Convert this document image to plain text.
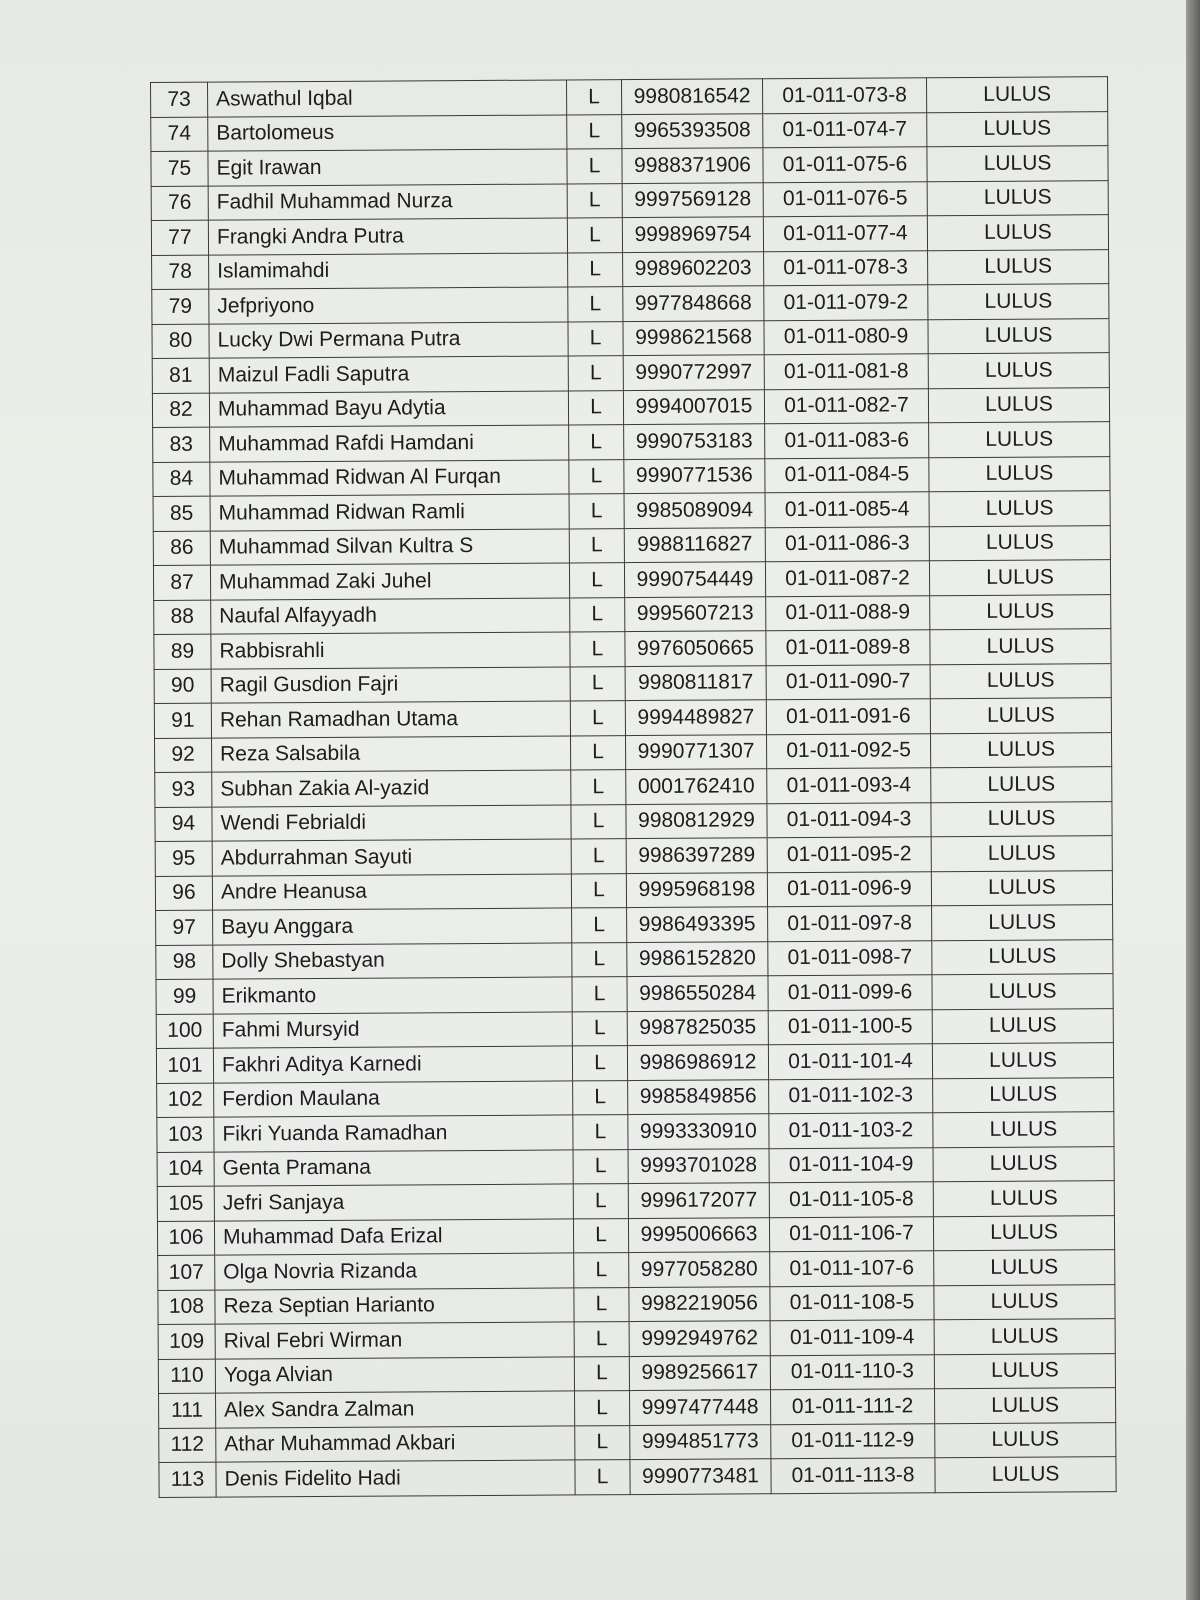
73	Aswathul Iqbal	L	9980816542	01-011-073-8	LULUS
74	Bartolomeus	L	9965393508	01-011-074-7	LULUS
75	Egit Irawan	L	9988371906	01-011-075-6	LULUS
76	Fadhil Muhammad Nurza	L	9997569128	01-011-076-5	LULUS
77	Frangki Andra Putra	L	9998969754	01-011-077-4	LULUS
78	Islamimahdi	L	9989602203	01-011-078-3	LULUS
79	Jefpriyono	L	9977848668	01-011-079-2	LULUS
80	Lucky Dwi Permana Putra	L	9998621568	01-011-080-9	LULUS
81	Maizul Fadli Saputra	L	9990772997	01-011-081-8	LULUS
82	Muhammad Bayu Adytia	L	9994007015	01-011-082-7	LULUS
83	Muhammad Rafdi Hamdani	L	9990753183	01-011-083-6	LULUS
84	Muhammad Ridwan Al Furqan	L	9990771536	01-011-084-5	LULUS
85	Muhammad Ridwan Ramli	L	9985089094	01-011-085-4	LULUS
86	Muhammad Silvan Kultra S	L	9988116827	01-011-086-3	LULUS
87	Muhammad Zaki Juhel	L	9990754449	01-011-087-2	LULUS
88	Naufal Alfayyadh	L	9995607213	01-011-088-9	LULUS
89	Rabbisrahli	L	9976050665	01-011-089-8	LULUS
90	Ragil Gusdion Fajri	L	9980811817	01-011-090-7	LULUS
91	Rehan Ramadhan Utama	L	9994489827	01-011-091-6	LULUS
92	Reza Salsabila	L	9990771307	01-011-092-5	LULUS
93	Subhan Zakia Al-yazid	L	0001762410	01-011-093-4	LULUS
94	Wendi Febrialdi	L	9980812929	01-011-094-3	LULUS
95	Abdurrahman Sayuti	L	9986397289	01-011-095-2	LULUS
96	Andre Heanusa	L	9995968198	01-011-096-9	LULUS
97	Bayu Anggara	L	9986493395	01-011-097-8	LULUS
98	Dolly Shebastyan	L	9986152820	01-011-098-7	LULUS
99	Erikmanto	L	9986550284	01-011-099-6	LULUS
100	Fahmi Mursyid	L	9987825035	01-011-100-5	LULUS
101	Fakhri Aditya Karnedi	L	9986986912	01-011-101-4	LULUS
102	Ferdion Maulana	L	9985849856	01-011-102-3	LULUS
103	Fikri Yuanda Ramadhan	L	9993330910	01-011-103-2	LULUS
104	Genta Pramana	L	9993701028	01-011-104-9	LULUS
105	Jefri Sanjaya	L	9996172077	01-011-105-8	LULUS
106	Muhammad Dafa Erizal	L	9995006663	01-011-106-7	LULUS
107	Olga Novria Rizanda	L	9977058280	01-011-107-6	LULUS
108	Reza Septian Harianto	L	9982219056	01-011-108-5	LULUS
109	Rival Febri Wirman	L	9992949762	01-011-109-4	LULUS
110	Yoga Alvian	L	9989256617	01-011-110-3	LULUS
111	Alex Sandra Zalman	L	9997477448	01-011-111-2	LULUS
112	Athar Muhammad Akbari	L	9994851773	01-011-112-9	LULUS
113	Denis Fidelito Hadi	L	9990773481	01-011-113-8	LULUS
